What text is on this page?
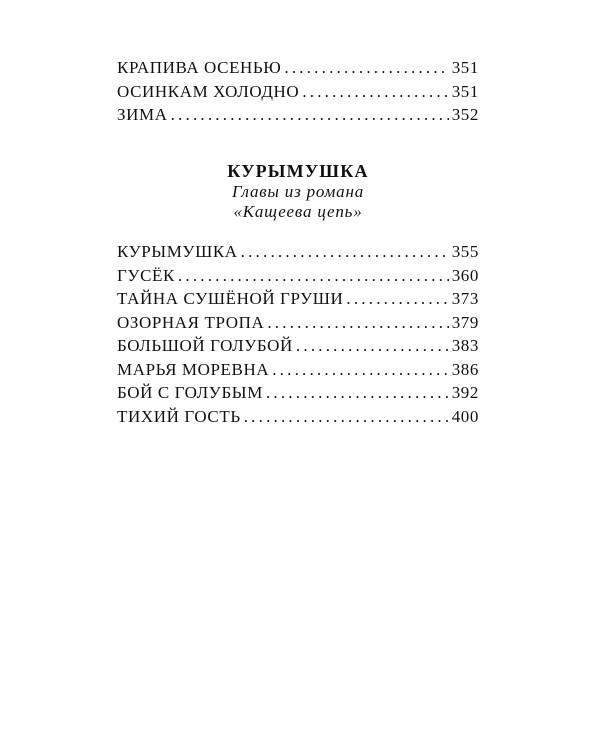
КРАПИВА ОСЕНЬЮ .....	351
ОСИНКАМ ХОЛОДНО .....	351
ЗИМА .....	352
КУРЫМУШКА
Главы из романа
«Кащеева цепь»
КУРЫМУШКА .....	355
ГУСЁК .....	360
ТАЙНА СУШЁНОЙ ГРУШИ .....	373
ОЗОРНАЯ ТРОПА .....	379
БОЛЬШОЙ ГОЛУБОЙ .....	383
МАРЬЯ МОРЕВНА .....	386
БОЙ С ГОЛУБЫМ .....	392
ТИХИЙ ГОСТЬ .....	400
